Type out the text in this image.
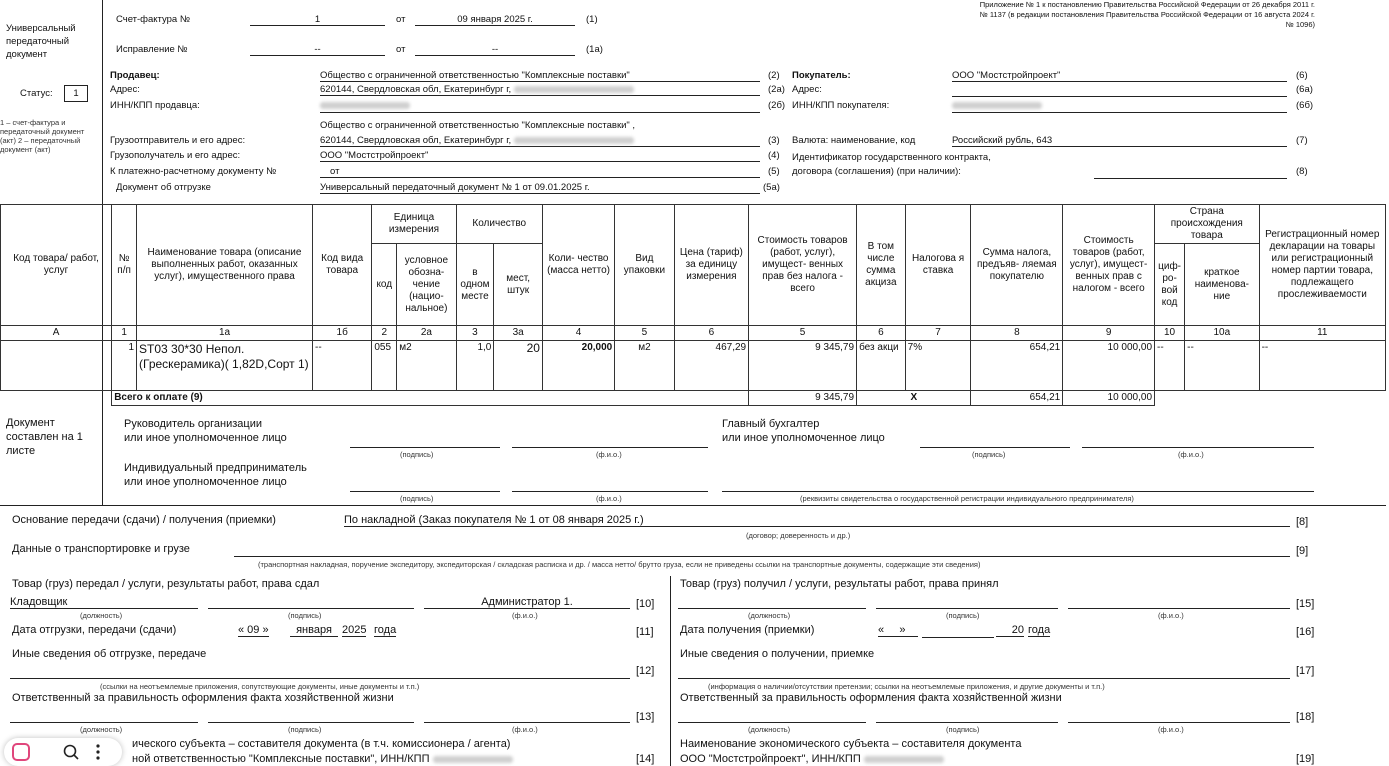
Универсальный передаточный документ
Статус:	1
1 – счет-фактура и передаточный документ (акт) 2 – передаточный документ (акт)
Счет-фактура №	1	от	09 января 2025 г.	(1)
Исправление №	--	от	--	(1а)
Приложение № 1 к постановлению Правительства Российской Федерации от 26 декабря 2011 г. № 1137 (в редакции постановления Правительства Российской Федерации от 16 августа 2024 г. № 1096)
Продавец:	Общество с ограниченной ответственностью "Комплексные поставки"	(2)
Адрес:	620144, Свердловская обл, Екатеринбург г,	(2а)
ИНН/КПП продавца:	(2б)
Общество с ограниченной ответственностью "Комплексные поставки" ,
Грузоотправитель и его адрес:	620144, Свердловская обл, Екатеринбург г,	(3)
Грузополучатель и его адрес:	ООО "Мостстройпроект"	(4)
К платежно-расчетному документу №	от	(5)
Документ об отгрузке	Универсальный передаточный документ № 1 от 09.01.2025 г.	(5а)
Покупатель:	ООО "Мостстройпроект"	(6)
Адрес:	(6а)
ИНН/КПП покупателя:	(6б)
Валюта: наименование, код	Российский рубль, 643	(7)
Идентификатор государственного контракта,
договора (соглашения) (при наличии):	(8)
Код товара/ работ, услуг	№ п/п	Наименование товара (описание выполненных работ, оказанных услуг), имущественного права	Код вида товара	Единица измерения		Количество		Коли- чество (масса нетто)	Вид упаковки	Цена (тариф) за единицу измерения	Стоимость товаров (работ, услуг), имущест- венных прав без налога - всего	В том числе сумма акциза	Налогова я ставка	Сумма налога, предъяв- ляемая покупателю	Стоимость товаров (работ, услуг), имущест- венных прав с налогом - всего	Страна происхождения товара		Регистрационный номер декларации на товары или регистрационный номер партии товара, подлежащего прослеживаемости
				код	условное обозна- чение (нацио- нальное)	в одном месте	мест, штук									циф- ро- вой код	краткое наименова- ние	
А	1	1а	1б	2	2а	3	3а	4	5	6	5	6	7	8	9	10	10а	11
	1	ST03 30*30 Непол.(Грескерамика)( 1,82D,Сорт 1)	--	055	м2	1,0	20	20,000	м2	467,29	9 345,79	без акци	7%	654,21	10 000,00	--	--	--
	Всего к оплате (9)										9 345,79	X		654,21	10 000,00			
Документ составлен на 1 листе
Руководитель организации
или иное уполномоченное лицо
(подпись)	(ф.и.о.)
Индивидуальный предприниматель
или иное уполномоченное лицо
(подпись)	(ф.и.о.)
Главный бухгалтер
или иное уполномоченное лицо
(подпись)	(ф.и.о.)
(реквизиты свидетельства о государственной регистрации индивидуального предпринимателя)
Основание передачи (сдачи) / получения (приемки)	По накладной (Заказ покупателя № 1 от 08 января 2025 г.)	[8]
(договор; доверенность и др.)
Данные о транспортировке и грузе	[9]
(транспортная накладная, поручение экспедитору, экспедиторская / складская расписка и др. / масса нетто/ брутто груза, если не приведены ссылки на транспортные документы, содержащие эти сведения)
Товар (груз) передал / услуги, результаты работ, права сдал
Кладовщик	Администратор 1.	[10]
(должность)	(подпись)	(ф.и.о.)
Дата отгрузки, передачи (сдачи)	« 09 »	января 2025 года	[11]
Иные сведения об отгрузке, передаче
[12]
(ссылки на неотъемлемые приложения, сопутствующие документы, иные документы и т.п.)
Ответственный за правильность оформления факта хозяйственной жизни
[13]
(должность)	(подпись)	(ф.и.о.)
ического субъекта – составителя документа (в т.ч. комиссионера / агента)
ной ответственностью "Комплексные поставки", ИНН/КПП	[14]
Товар (груз) получил / услуги, результаты работ, права принял
[15]
(должность)	(подпись)	(ф.и.о.)
Дата получения (приемки)	« »	20 года	[16]
Иные сведения о получении, приемке
[17]
(информация о наличии/отсутствии претензии; ссылки на неотъемлемые приложения, и другие документы и т.п.)
Ответственный за правильность оформления факта хозяйственной жизни
[18]
(должность)	(подпись)	(ф.и.о.)
Наименование экономического субъекта – составителя документа
ООО "Мостстройпроект", ИНН/КПП	[19]
